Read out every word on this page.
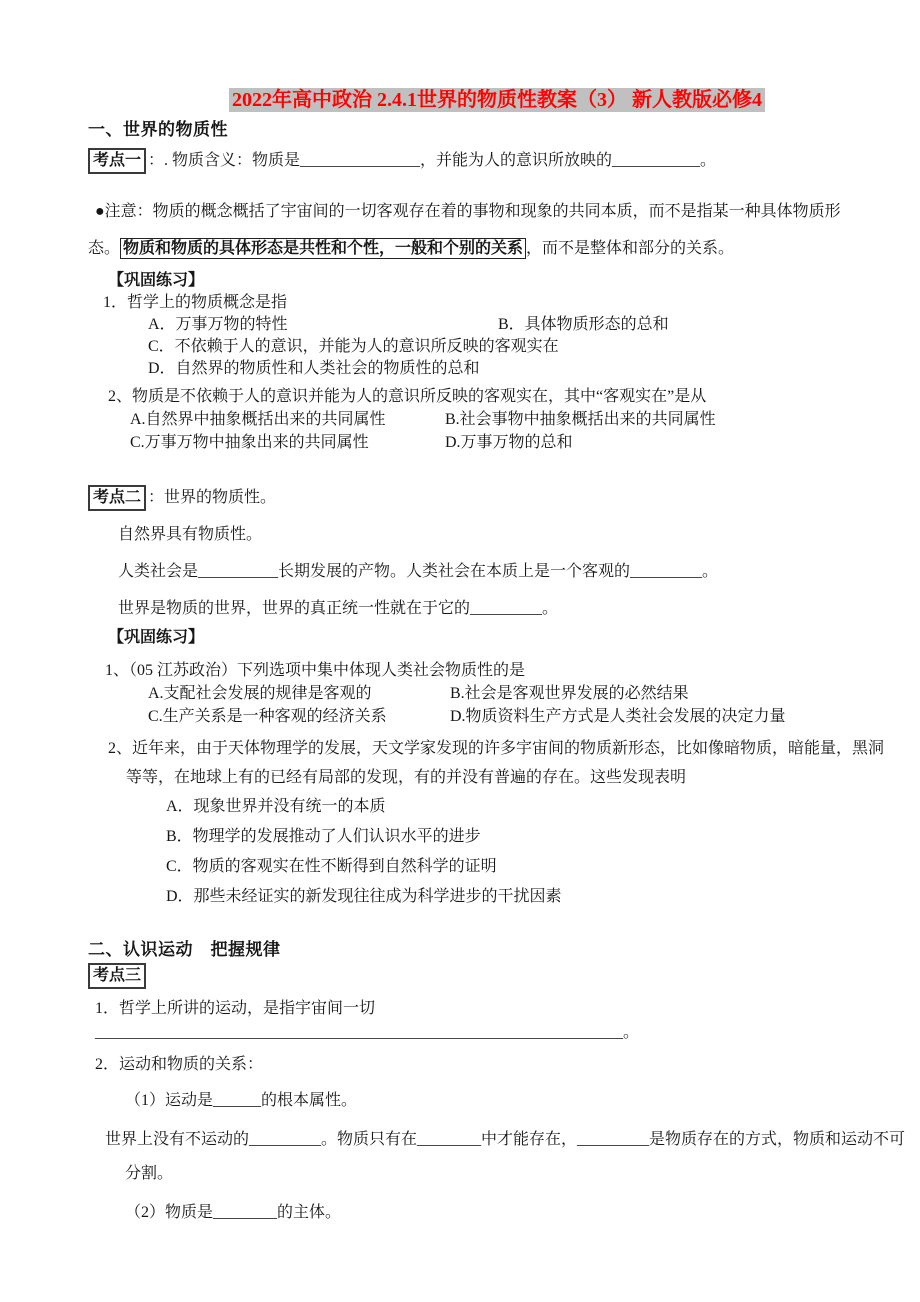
2022年高中政治 2.4.1世界的物质性教案（3） 新人教版必修4
一、世界的物质性
考点一 ：. 物质含义：物质是_______________，并能为人的意识所放映的___________。
●注意：物质的概念概括了宇宙间的一切客观存在着的事物和现象的共同本质，而不是指某一种具体物质形态。 物质和物质的具体形态是共性和个性，一般和个别的关系 ，而不是整体和部分的关系。
【巩固练习】
1．哲学上的物质概念是指
A．万事万物的特性	B．具体物质形态的总和
C．不依赖于人的意识，并能为人的意识所反映的客观实在
D．自然界的物质性和人类社会的物质性的总和
2、物质是不依赖于人的意识并能为人的意识所反映的客观实在，其中“客观实在”是从
A.自然界中抽象概括出来的共同属性	B.社会事物中抽象概括出来的共同属性
C.万事万物中抽象出来的共同属性	D.万事万物的总和
考点二 ：世界的物质性。
自然界具有物质性。
人类社会是__________长期发展的产物。人类社会在本质上是一个客观的_________。
世界是物质的世界，世界的真正统一性就在于它的_________。
【巩固练习】
1、（05 江苏政治）下列选项中集中体现人类社会物质性的是
A.支配社会发展的规律是客观的	B.社会是客观世界发展的必然结果
C.生产关系是一种客观的经济关系	D.物质资料生产方式是人类社会发展的决定力量
2、近年来，由于天体物理学的发展，天文学家发现的许多宇宙间的物质新形态，比如像暗物质，暗能量，黑洞等等，在地球上有的已经有局部的发现，有的并没有普遍的存在。这些发现表明
A．现象世界并没有统一的本质
B．物理学的发展推动了人们认识水平的进步
C．物质的客观实在性不断得到自然科学的证明
D．那些未经证实的新发现往往成为科学进步的干扰因素
二、认识运动　把握规律
考点三
1．哲学上所讲的运动，是指宇宙间一切__________________________________________________________________。
2．运动和物质的关系：
（1）运动是______的根本属性。
世界上没有不运动的_________。物质只有在________中才能存在，_________是物质存在的方式，物质和运动不可分割。
（2）物质是________的主体。
